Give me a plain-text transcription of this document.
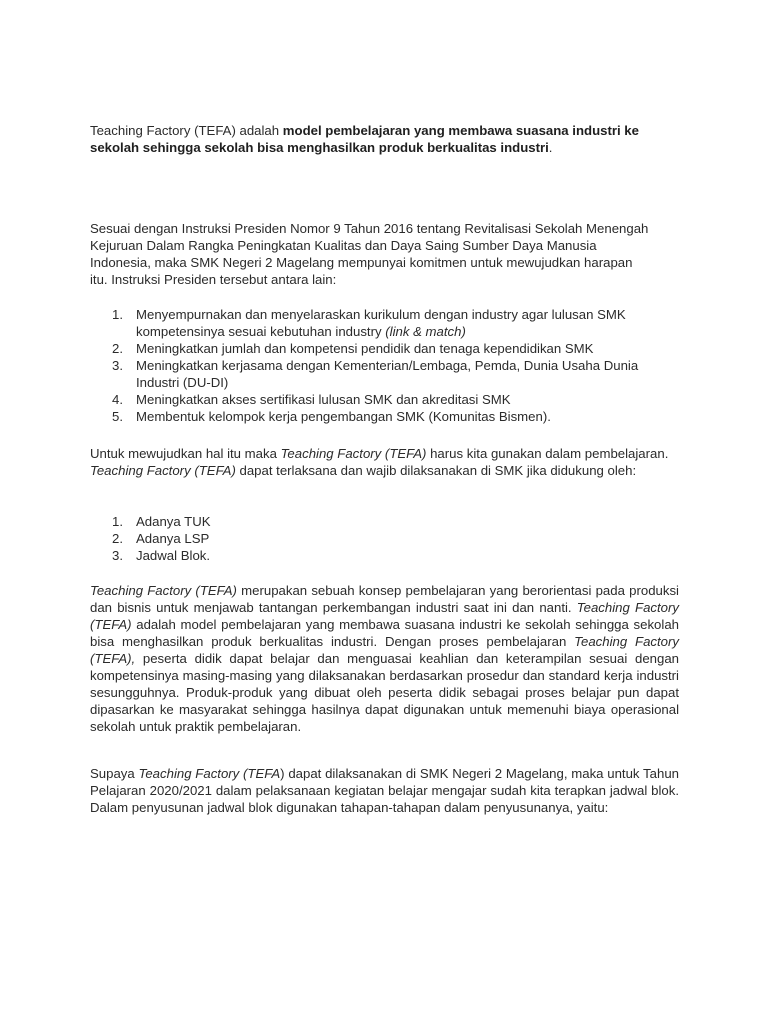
Teaching Factory (TEFA) adalah model pembelajaran yang membawa suasana industri ke sekolah sehingga sekolah bisa menghasilkan produk berkualitas industri.

Sesuai dengan Instruksi Presiden Nomor 9 Tahun 2016 tentang Revitalisasi Sekolah Menengah Kejuruan Dalam Rangka Peningkatan Kualitas dan Daya Saing Sumber Daya Manusia Indonesia, maka SMK Negeri 2 Magelang mempunyai komitmen untuk mewujudkan harapan itu. Instruksi Presiden tersebut antara lain:

1. Menyempurnakan dan menyelaraskan kurikulum dengan industry agar lulusan SMK kompetensinya sesuai kebutuhan industry (link & match)
2. Meningkatkan jumlah dan kompetensi pendidik dan tenaga kependidikan SMK
3. Meningkatkan kerjasama dengan Kementerian/Lembaga, Pemda, Dunia Usaha Dunia Industri (DU-DI)
4. Meningkatkan akses sertifikasi lulusan SMK dan akreditasi SMK
5. Membentuk kelompok kerja pengembangan SMK (Komunitas Bismen).

Untuk mewujudkan hal itu maka Teaching Factory (TEFA) harus kita gunakan dalam pembelajaran. Teaching Factory (TEFA) dapat terlaksana dan wajib dilaksanakan di SMK jika didukung oleh:

1. Adanya TUK
2. Adanya LSP
3. Jadwal Blok.

Teaching Factory (TEFA) merupakan sebuah konsep pembelajaran yang berorientasi pada produksi dan bisnis untuk menjawab tantangan perkembangan industri saat ini dan nanti. Teaching Factory (TEFA) adalah model pembelajaran yang membawa suasana industri ke sekolah sehingga sekolah bisa menghasilkan produk berkualitas industri. Dengan proses pembelajaran Teaching Factory (TEFA), peserta didik dapat belajar dan menguasai keahlian dan keterampilan sesuai dengan kompetensinya masing-masing yang dilaksanakan berdasarkan prosedur dan standard kerja industri sesungguhnya. Produk-produk yang dibuat oleh peserta didik sebagai proses belajar pun dapat dipasarkan ke masyarakat sehingga hasilnya dapat digunakan untuk memenuhi biaya operasional sekolah untuk praktik pembelajaran.

Supaya Teaching Factory (TEFA) dapat dilaksanakan di SMK Negeri 2 Magelang, maka untuk Tahun Pelajaran 2020/2021 dalam pelaksanaan kegiatan belajar mengajar sudah kita terapkan jadwal blok. Dalam penyusunan jadwal blok digunakan tahapan-tahapan dalam penyusunanya, yaitu:
